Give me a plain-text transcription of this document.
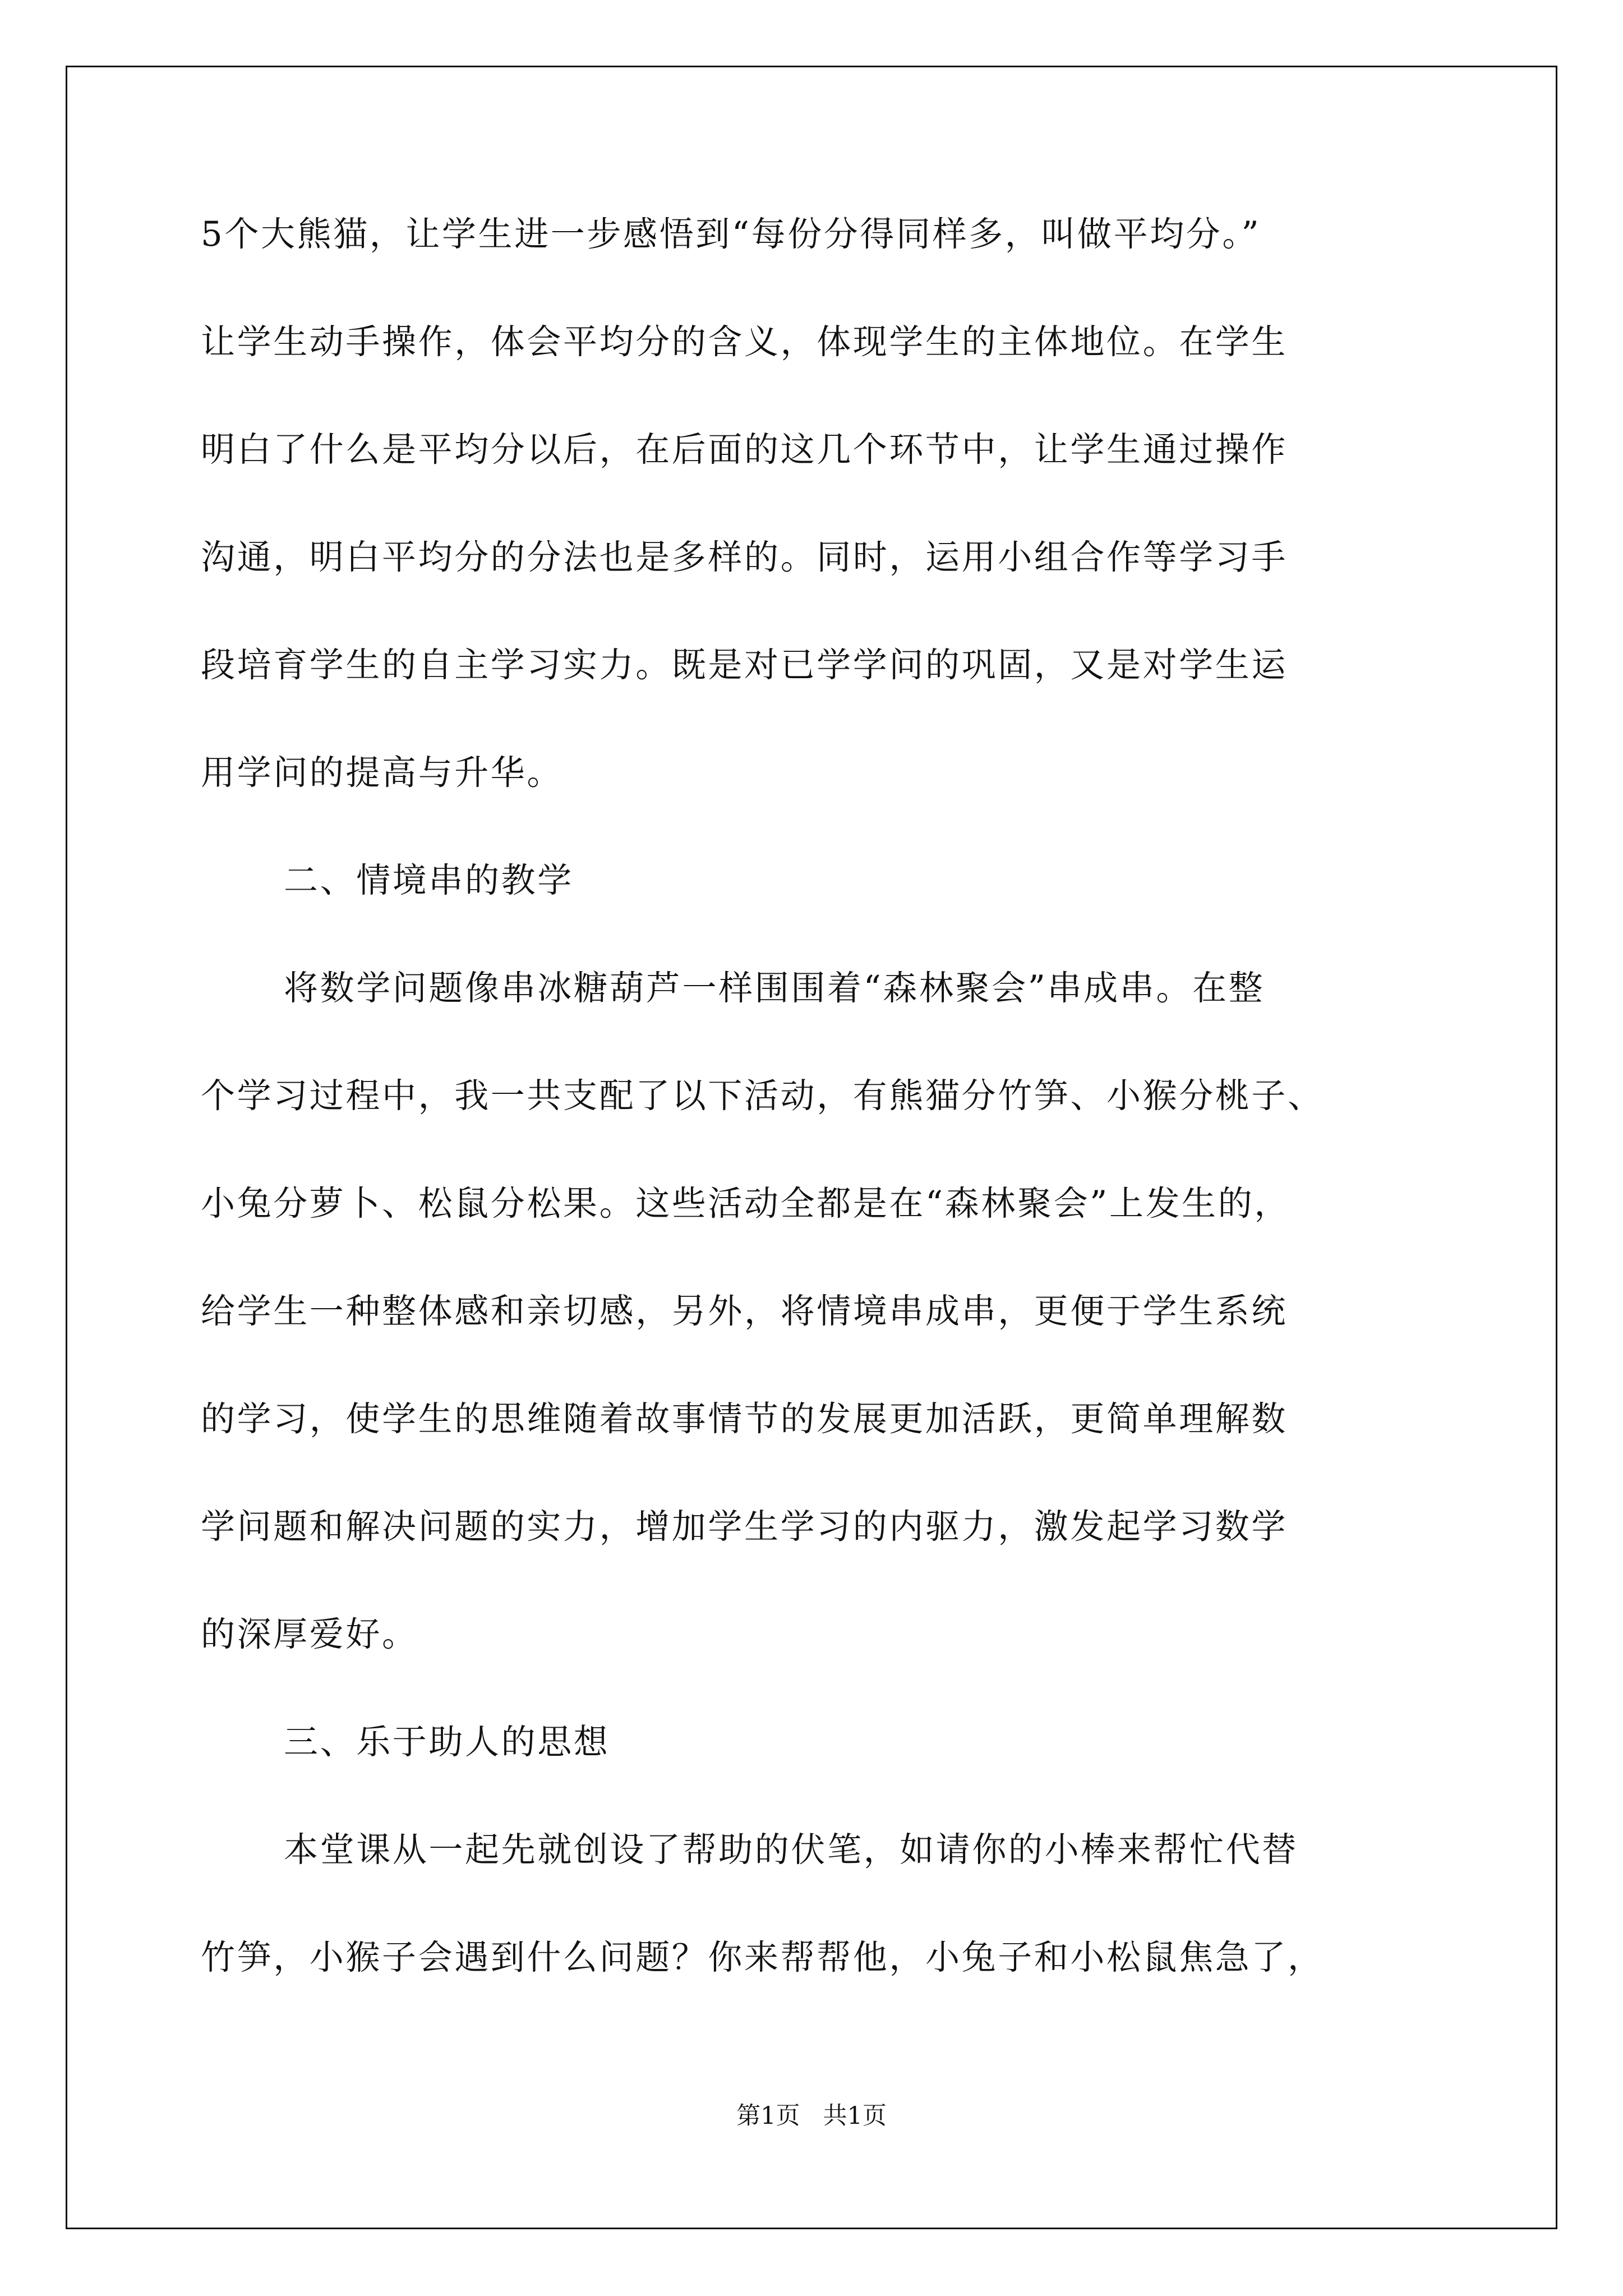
5个大熊猫，让学生进一步感悟到“每份分得同样多，叫做平均分。”

让学生动手操作，体会平均分的含义，体现学生的主体地位。在学生

明白了什么是平均分以后，在后面的这几个环节中，让学生通过操作

沟通，明白平均分的分法也是多样的。同时，运用小组合作等学习手

段培育学生的自主学习实力。既是对已学学问的巩固，又是对学生运

用学问的提高与升华。

二、情境串的教学

将数学问题像串冰糖葫芦一样围围着“森林聚会”串成串。在整

个学习过程中，我一共支配了以下活动，有熊猫分竹笋、小猴分桃子、

小兔分萝卜、松鼠分松果。这些活动全都是在“森林聚会”上发生的，

给学生一种整体感和亲切感，另外，将情境串成串，更便于学生系统

的学习，使学生的思维随着故事情节的发展更加活跃，更简单理解数

学问题和解决问题的实力，增加学生学习的内驱力，激发起学习数学

的深厚爱好。

三、乐于助人的思想

本堂课从一起先就创设了帮助的伏笔，如请你的小棒来帮忙代替

竹笋，小猴子会遇到什么问题？你来帮帮他，小兔子和小松鼠焦急了，

第1页   共1页
